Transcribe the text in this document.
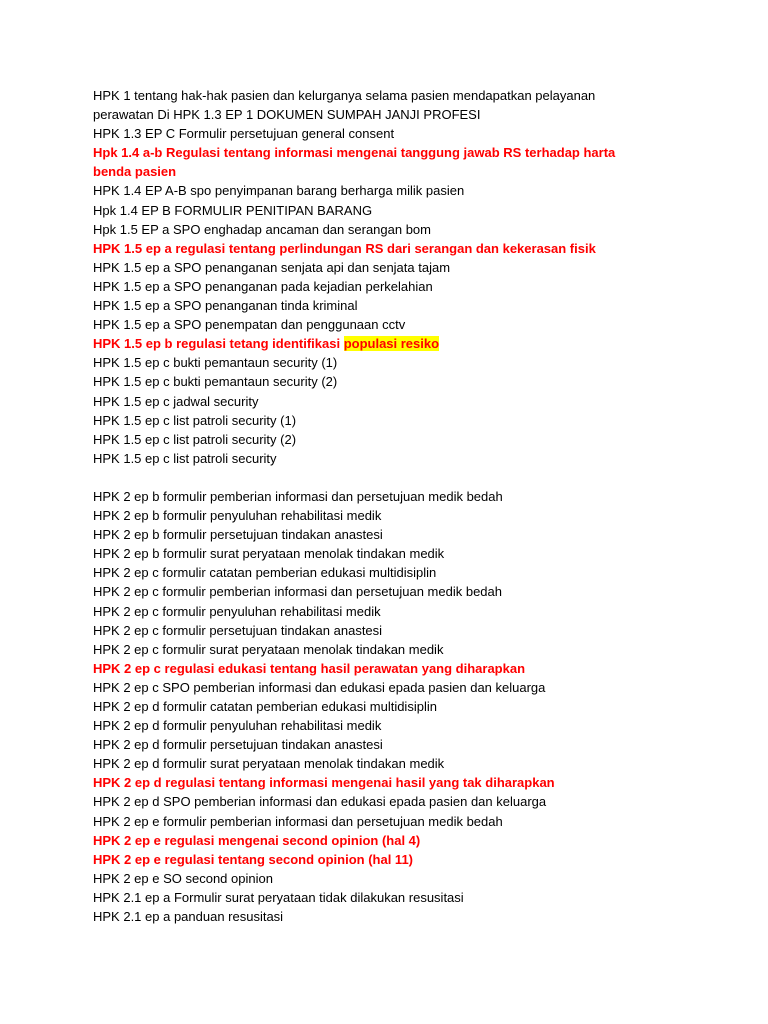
HPK 1 tentang hak-hak pasien dan kelurganya selama pasien mendapatkan pelayanan
perawatan Di HPK 1.3 EP 1 DOKUMEN SUMPAH JANJI PROFESI
HPK 1.3 EP C Formulir persetujuan general consent
Hpk 1.4 a-b Regulasi tentang informasi mengenai tanggung jawab RS terhadap harta
benda pasien
HPK 1.4 EP A-B spo penyimpanan barang berharga milik pasien
Hpk 1.4 EP B FORMULIR PENITIPAN BARANG
Hpk 1.5 EP a SPO enghadap ancaman dan serangan bom
HPK 1.5 ep a regulasi tentang perlindungan RS dari serangan dan kekerasan fisik
HPK 1.5 ep a SPO penanganan senjata api dan senjata tajam
HPK 1.5 ep a SPO penanganan pada kejadian perkelahian
HPK 1.5 ep a SPO penanganan tinda kriminal
HPK 1.5 ep a SPO penempatan dan penggunaan cctv
HPK 1.5 ep b regulasi tetang identifikasi populasi resiko
HPK 1.5 ep c bukti pemantaun security (1)
HPK 1.5 ep c bukti pemantaun security (2)
HPK 1.5 ep c jadwal security
HPK 1.5 ep c list patroli security (1)
HPK 1.5 ep c list patroli security (2)
HPK 1.5 ep c list patroli security
HPK 2 ep b formulir pemberian informasi dan persetujuan medik bedah
HPK 2 ep b formulir penyuluhan rehabilitasi medik
HPK 2 ep b formulir persetujuan tindakan anastesi
HPK 2 ep b formulir surat peryataan menolak tindakan medik
HPK 2 ep c formulir catatan pemberian edukasi multidisiplin
HPK 2 ep c formulir pemberian informasi dan persetujuan medik bedah
HPK 2 ep c formulir penyuluhan rehabilitasi medik
HPK 2 ep c formulir persetujuan tindakan anastesi
HPK 2 ep c formulir surat peryataan menolak tindakan medik
HPK 2 ep c regulasi edukasi tentang hasil perawatan yang diharapkan
HPK 2 ep c SPO pemberian informasi dan edukasi epada pasien dan keluarga
HPK 2 ep d formulir catatan pemberian edukasi multidisiplin
HPK 2 ep d formulir penyuluhan rehabilitasi medik
HPK 2 ep d formulir persetujuan tindakan anastesi
HPK 2 ep d formulir surat peryataan menolak tindakan medik
HPK 2 ep d regulasi tentang informasi mengenai hasil yang tak diharapkan
HPK 2 ep d SPO pemberian informasi dan edukasi epada pasien dan keluarga
HPK 2 ep e formulir pemberian informasi dan persetujuan medik bedah
HPK 2 ep e regulasi mengenai second opinion (hal 4)
HPK 2 ep e regulasi tentang second opinion (hal 11)
HPK 2 ep e SO second opinion
HPK 2.1 ep a Formulir surat peryataan tidak dilakukan resusitasi
HPK 2.1 ep a panduan resusitasi
